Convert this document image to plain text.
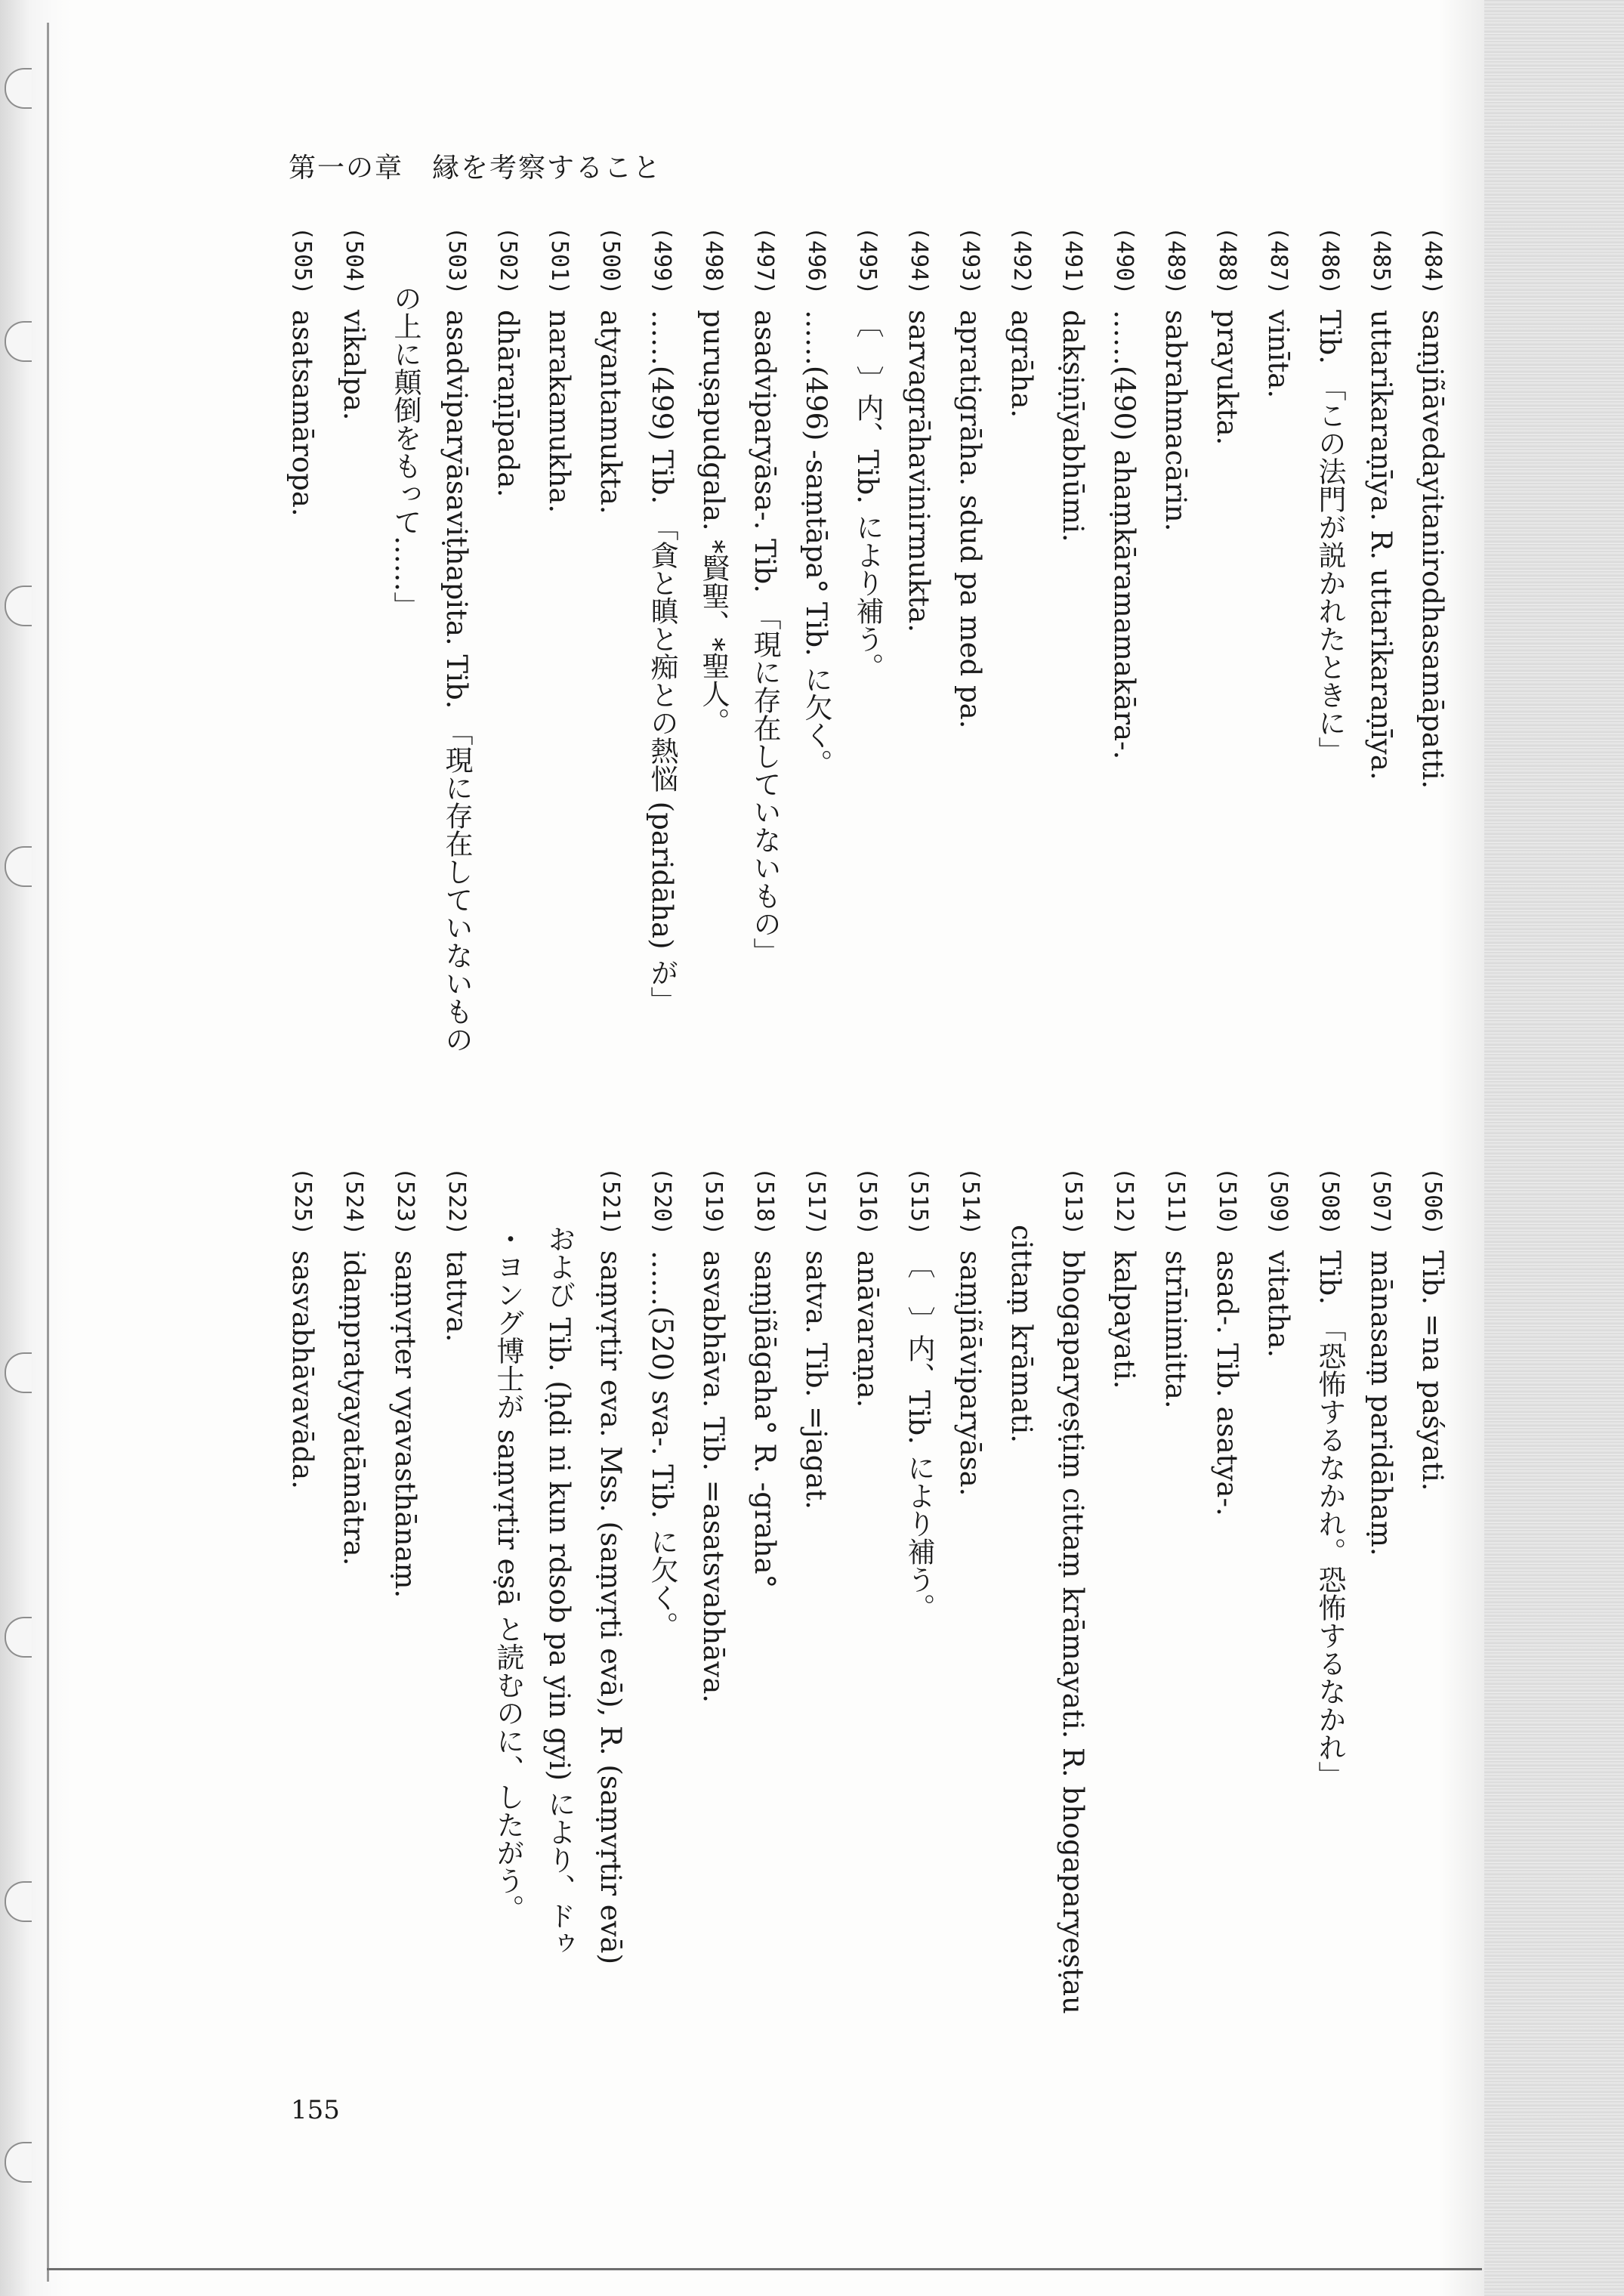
第一の章　縁を考察すること
(484)saṃjñāvedayitanirodhasamāpatti.
(485)uttarikaraṇīya. R. uttarikaraṇīya.
(486)Tib. 「この法門が説かれたときに」
(487)vinīta.
(488)prayukta.
(489)sabrahmacārin.
(490)……(490) ahaṃkāramamakāra-.
(491)dakṣiṇīyabhūmi.
(492)agrāha.
(493)apratigrāha. sdud pa med pa.
(494)sarvagrāhavinirmukta.
(495)〔　〕内、Tib. により補う。
(496)……(496) -saṃtāpa° Tib. に欠く。
(497)asadviparyāsa-. Tib. 「現に存在していないもの」
(498)puruṣapudgala. *賢聖、*聖人。
(499)……(499) Tib. 「貪と瞋と痴との熱悩 (paridāha) が」
(500)atyantamukta.
(501)narakamukha.
(502)dhāraṇīpada.
(503)asadviparyāsaviṭhapita. Tib. 「現に存在していないもの
の上に顛倒をもって……」
(504)vikalpa.
(505)asatsamāropa.
(506)Tib. =na paśyati.
(507)mānasaṃ paridāhaṃ.
(508)Tib. 「恐怖するなかれ。恐怖するなかれ」
(509)vitatha.
(510)asad-. Tib. asatya-.
(511)strīnimitta.
(512)kalpayati.
(513)bhogaparyeṣṭiṃ cittaṃ krāmayati. R. bhogaparyeṣṭau
cittaṃ krāmati.
(514)saṃjñāviparyāsa.
(515)〔　〕内、Tib. により補う。
(516)anāvaraṇa.
(517)satva. Tib. =jagat.
(518)saṃjñāgaha° R. -graha°
(519)asvabhāva. Tib. =asatsvabhāva.
(520)……(520) sva-. Tib. に欠く。
(521)saṃvṛtir eva. Mss. (saṃvṛti evā), R. (saṃvṛtir evā)
および Tib. (ḥdi ni kun rdsob pa yin gyi) により、ドゥ
・ヨング博士が saṃvṛtir eṣā と読むのに、したがう。
(522)tattva.
(523)saṃvṛter vyavasthānaṃ.
(524)idaṃpratyayatāmātra.
(525)sasvabhāvavāda.
155
